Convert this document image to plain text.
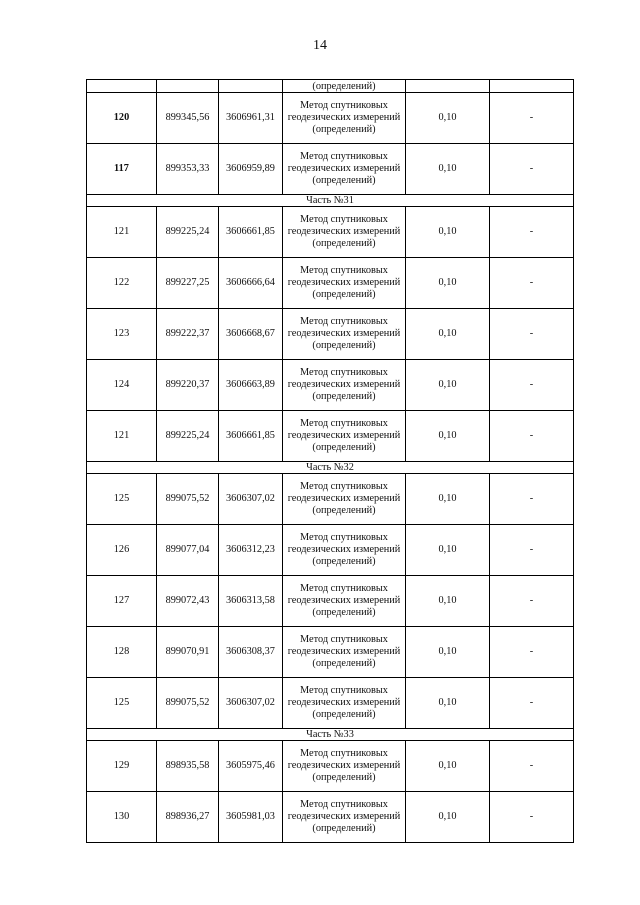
14
			(определений)		
120	899345,56	3606961,31	Метод спутниковых геодезических измерений (определений)	0,10	-
117	899353,33	3606959,89	Метод спутниковых геодезических измерений (определений)	0,10	-
Часть №31					
121	899225,24	3606661,85	Метод спутниковых геодезических измерений (определений)	0,10	-
122	899227,25	3606666,64	Метод спутниковых геодезических измерений (определений)	0,10	-
123	899222,37	3606668,67	Метод спутниковых геодезических измерений (определений)	0,10	-
124	899220,37	3606663,89	Метод спутниковых геодезических измерений (определений)	0,10	-
121	899225,24	3606661,85	Метод спутниковых геодезических измерений (определений)	0,10	-
Часть №32					
125	899075,52	3606307,02	Метод спутниковых геодезических измерений (определений)	0,10	-
126	899077,04	3606312,23	Метод спутниковых геодезических измерений (определений)	0,10	-
127	899072,43	3606313,58	Метод спутниковых геодезических измерений (определений)	0,10	-
128	899070,91	3606308,37	Метод спутниковых геодезических измерений (определений)	0,10	-
125	899075,52	3606307,02	Метод спутниковых геодезических измерений (определений)	0,10	-
Часть №33					
129	898935,58	3605975,46	Метод спутниковых геодезических измерений (определений)	0,10	-
130	898936,27	3605981,03	Метод спутниковых геодезических измерений (определений)	0,10	-
